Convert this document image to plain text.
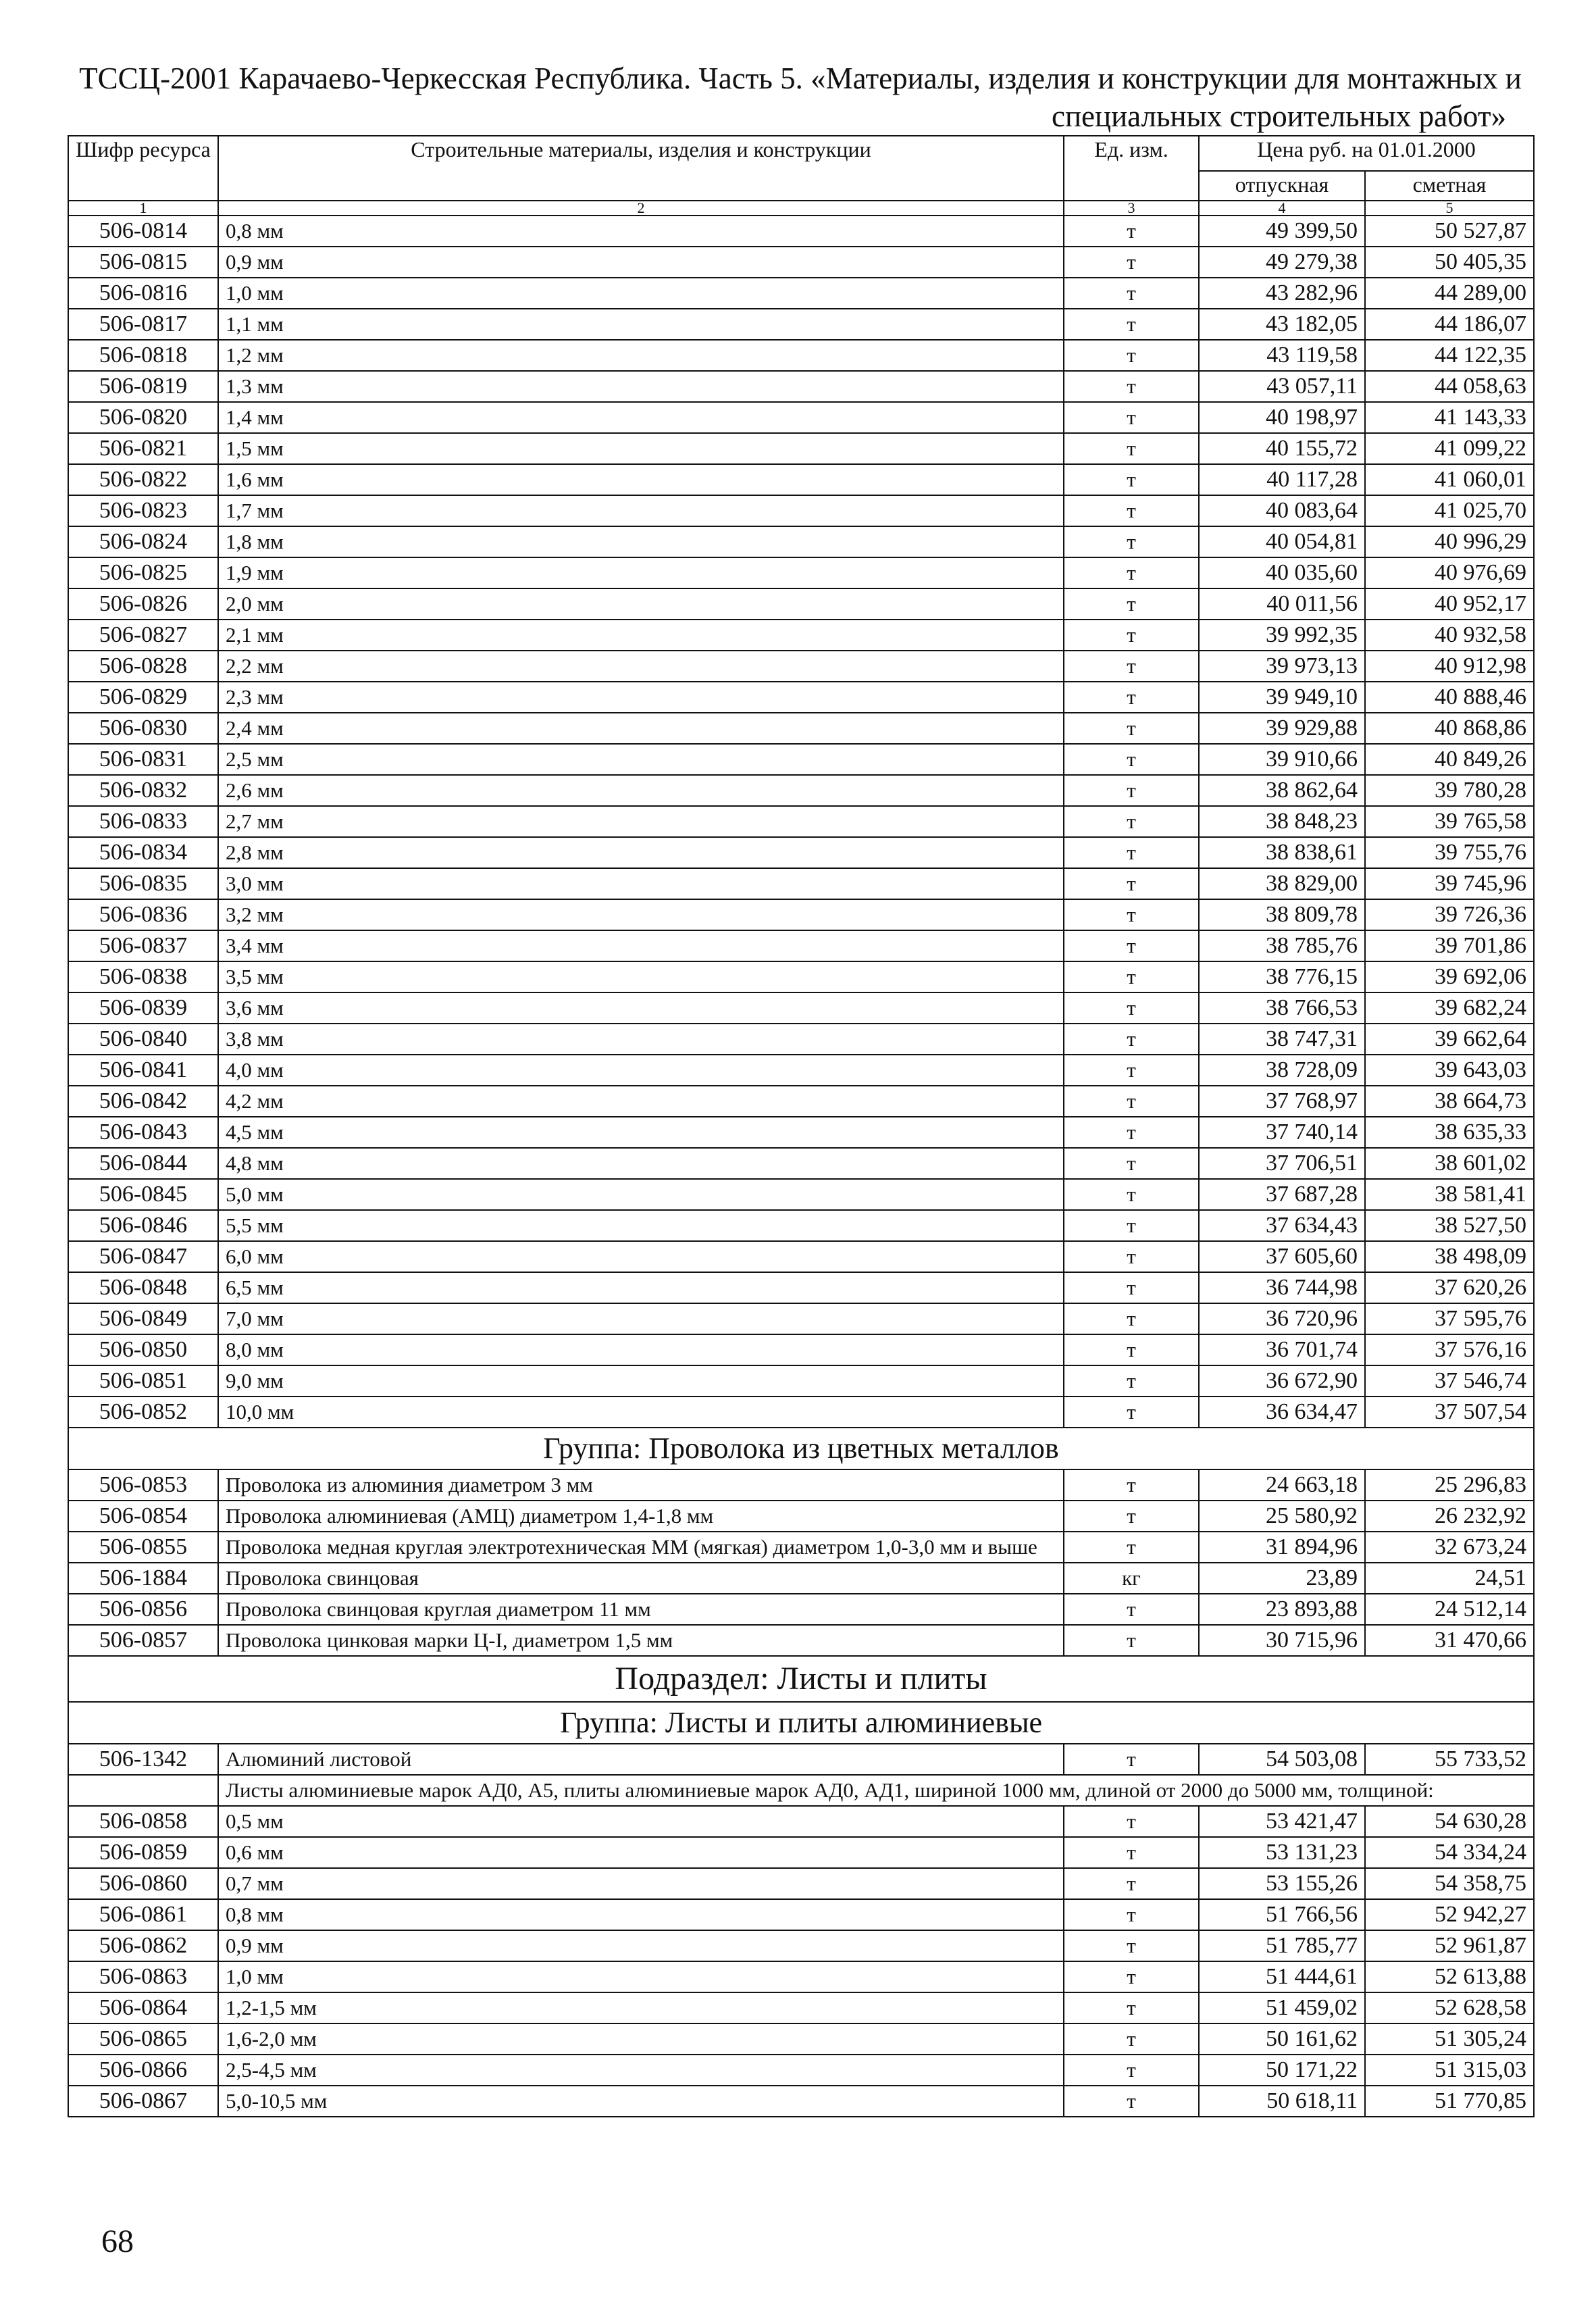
ТССЦ-2001 Карачаево-Черкесская Республика. Часть 5. «Материалы, изделия и конструкции для монтажных и
специальных строительных работ»
Шифр ресурса	Строительные материалы, изделия и конструкции	Ед. изм.	Цена руб. на 01.01.2000	
			отпускная	сметная
1	2	3	4	5
506-0814	0,8 мм	т	49 399,50	50 527,87
506-0815	0,9 мм	т	49 279,38	50 405,35
506-0816	1,0 мм	т	43 282,96	44 289,00
506-0817	1,1 мм	т	43 182,05	44 186,07
506-0818	1,2 мм	т	43 119,58	44 122,35
506-0819	1,3 мм	т	43 057,11	44 058,63
506-0820	1,4 мм	т	40 198,97	41 143,33
506-0821	1,5 мм	т	40 155,72	41 099,22
506-0822	1,6 мм	т	40 117,28	41 060,01
506-0823	1,7 мм	т	40 083,64	41 025,70
506-0824	1,8 мм	т	40 054,81	40 996,29
506-0825	1,9 мм	т	40 035,60	40 976,69
506-0826	2,0 мм	т	40 011,56	40 952,17
506-0827	2,1 мм	т	39 992,35	40 932,58
506-0828	2,2 мм	т	39 973,13	40 912,98
506-0829	2,3 мм	т	39 949,10	40 888,46
506-0830	2,4 мм	т	39 929,88	40 868,86
506-0831	2,5 мм	т	39 910,66	40 849,26
506-0832	2,6 мм	т	38 862,64	39 780,28
506-0833	2,7 мм	т	38 848,23	39 765,58
506-0834	2,8 мм	т	38 838,61	39 755,76
506-0835	3,0 мм	т	38 829,00	39 745,96
506-0836	3,2 мм	т	38 809,78	39 726,36
506-0837	3,4 мм	т	38 785,76	39 701,86
506-0838	3,5 мм	т	38 776,15	39 692,06
506-0839	3,6 мм	т	38 766,53	39 682,24
506-0840	3,8 мм	т	38 747,31	39 662,64
506-0841	4,0 мм	т	38 728,09	39 643,03
506-0842	4,2 мм	т	37 768,97	38 664,73
506-0843	4,5 мм	т	37 740,14	38 635,33
506-0844	4,8 мм	т	37 706,51	38 601,02
506-0845	5,0 мм	т	37 687,28	38 581,41
506-0846	5,5 мм	т	37 634,43	38 527,50
506-0847	6,0 мм	т	37 605,60	38 498,09
506-0848	6,5 мм	т	36 744,98	37 620,26
506-0849	7,0 мм	т	36 720,96	37 595,76
506-0850	8,0 мм	т	36 701,74	37 576,16
506-0851	9,0 мм	т	36 672,90	37 546,74
506-0852	10,0 мм	т	36 634,47	37 507,54
Группа: Проволока из цветных металлов				
506-0853	Проволока из алюминия диаметром 3 мм	т	24 663,18	25 296,83
506-0854	Проволока алюминиевая (АМЦ) диаметром 1,4-1,8 мм	т	25 580,92	26 232,92
506-0855	Проволока медная круглая электротехническая ММ (мягкая) диаметром 1,0-3,0 мм и выше	т	31 894,96	32 673,24
506-1884	Проволока свинцовая	кг	23,89	24,51
506-0856	Проволока свинцовая круглая диаметром 11 мм	т	23 893,88	24 512,14
506-0857	Проволока цинковая марки Ц-I, диаметром 1,5 мм	т	30 715,96	31 470,66
Подраздел: Листы и плиты				
Группа: Листы и плиты алюминиевые				
506-1342	Алюминий листовой	т	54 503,08	55 733,52
	Листы алюминиевые марок АД0, А5, плиты алюминиевые марок АД0, АД1, шириной 1000 мм, длиной от 2000 до 5000 мм, толщиной:			
506-0858	0,5 мм	т	53 421,47	54 630,28
506-0859	0,6 мм	т	53 131,23	54 334,24
506-0860	0,7 мм	т	53 155,26	54 358,75
506-0861	0,8 мм	т	51 766,56	52 942,27
506-0862	0,9 мм	т	51 785,77	52 961,87
506-0863	1,0 мм	т	51 444,61	52 613,88
506-0864	1,2-1,5 мм	т	51 459,02	52 628,58
506-0865	1,6-2,0 мм	т	50 161,62	51 305,24
506-0866	2,5-4,5 мм	т	50 171,22	51 315,03
506-0867	5,0-10,5 мм	т	50 618,11	51 770,85
68
